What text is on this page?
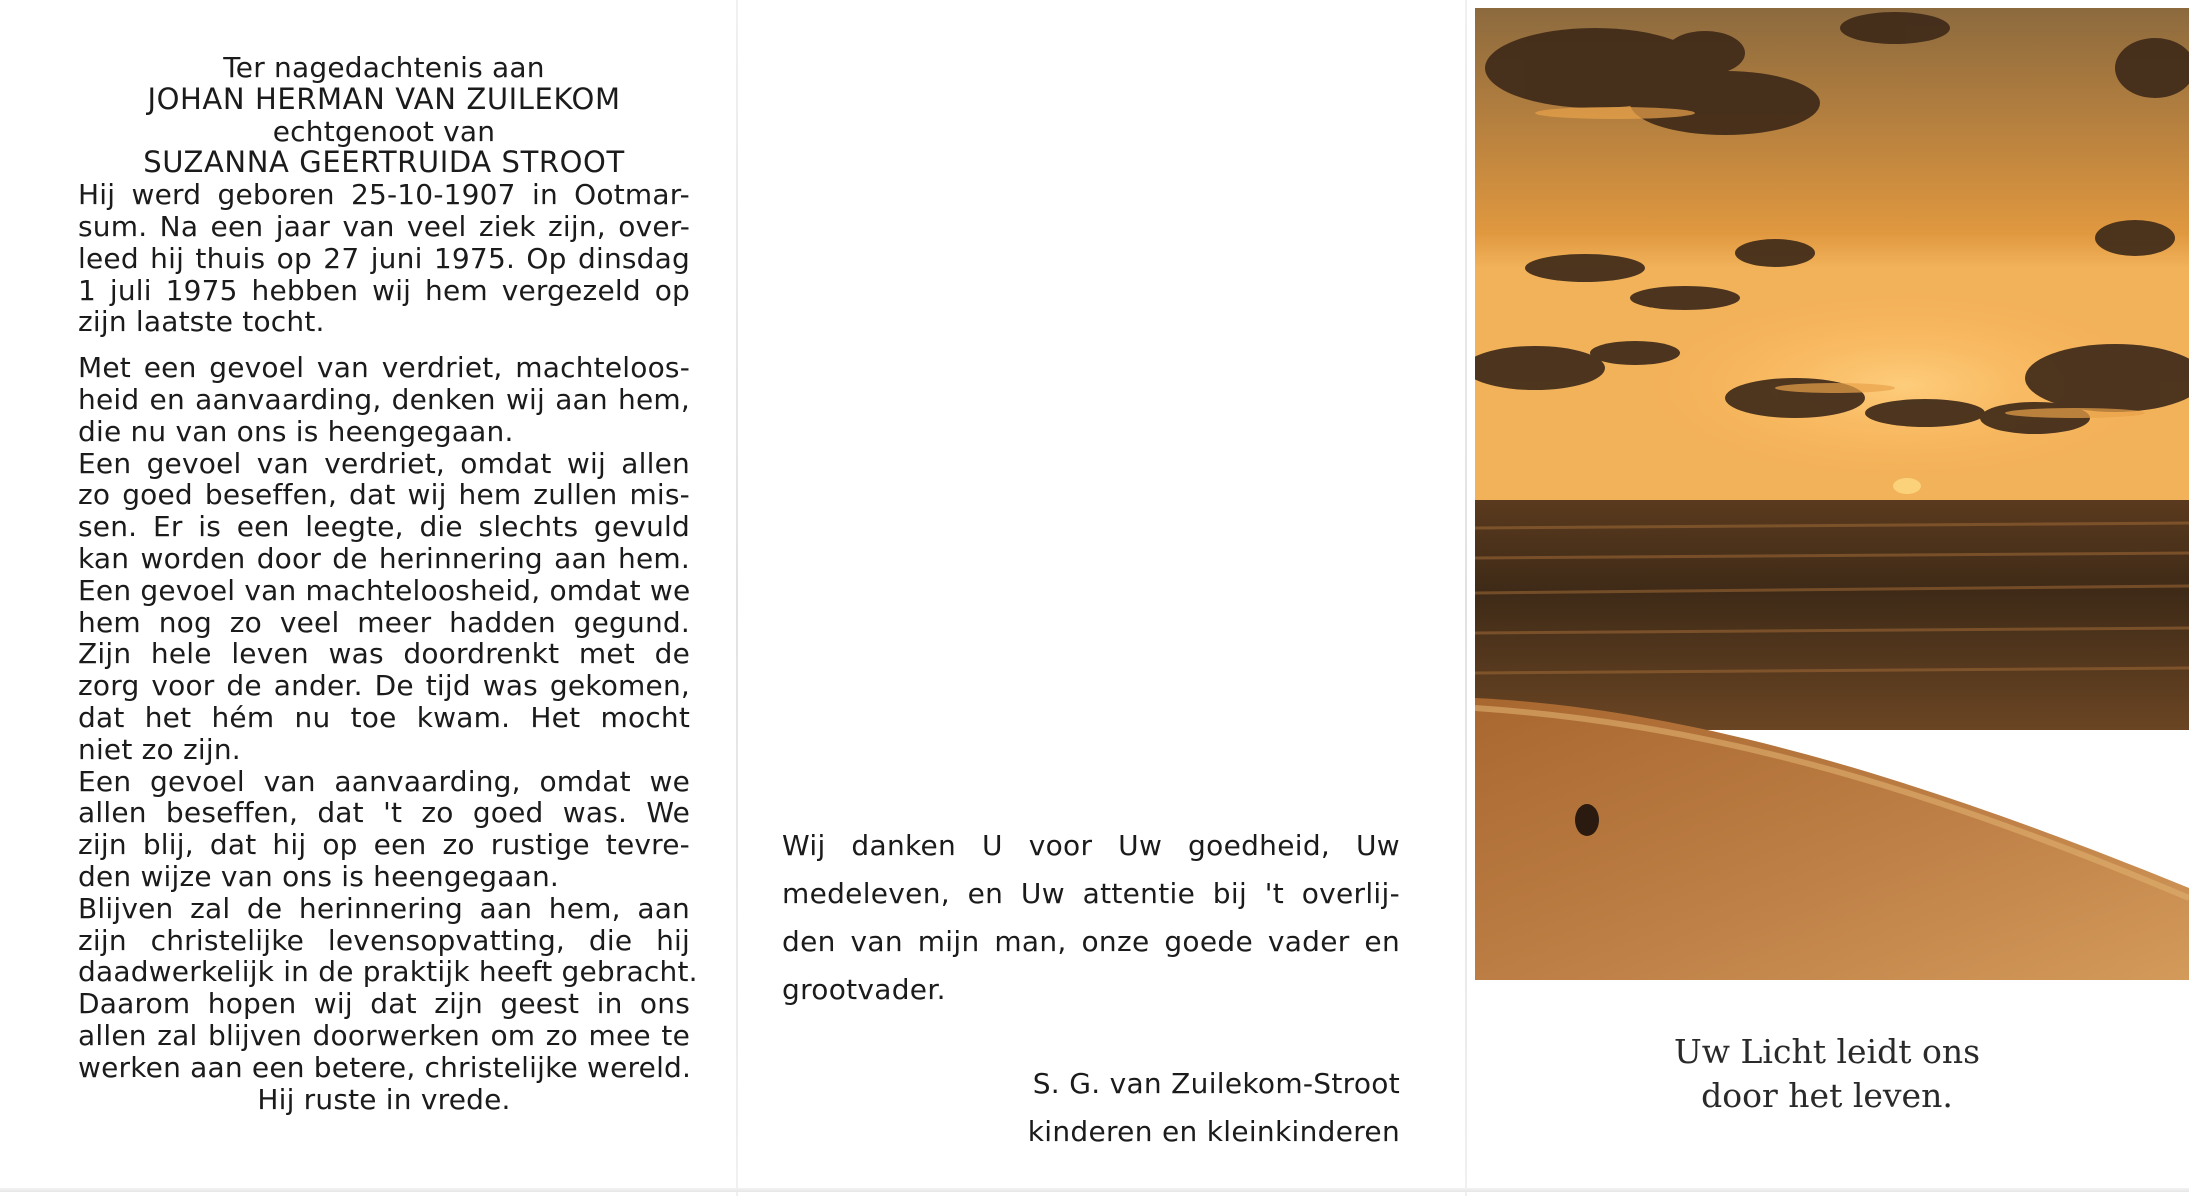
Ter nagedachtenis aan
JOHAN HERMAN VAN ZUILEKOM
echtgenoot van
SUZANNA GEERTRUIDA STROOT
Hij werd geboren 25-10-1907 in Ootmar-
sum. Na een jaar van veel ziek zijn, over-
leed hij thuis op 27 juni 1975. Op dinsdag
1 juli 1975 hebben wij hem vergezeld op
zijn laatste tocht.
Met een gevoel van verdriet, machteloos-
heid en aanvaarding, denken wij aan hem,
die nu van ons is heengegaan.
Een gevoel van verdriet, omdat wij allen
zo goed beseffen, dat wij hem zullen mis-
sen. Er is een leegte, die slechts gevuld
kan worden door de herinnering aan hem.
Een gevoel van machteloosheid, omdat we
hem nog zo veel meer hadden gegund.
Zijn hele leven was doordrenkt met de
zorg voor de ander. De tijd was gekomen,
dat het hém nu toe kwam. Het mocht
niet zo zijn.
Een gevoel van aanvaarding, omdat we
allen beseffen, dat 't zo goed was. We
zijn blij, dat hij op een zo rustige tevre-
den wijze van ons is heengegaan.
Blijven zal de herinnering aan hem, aan
zijn christelijke levensopvatting, die hij
daadwerkelijk in de praktijk heeft gebracht.
Daarom hopen wij dat zijn geest in ons
allen zal blijven doorwerken om zo mee te
werken aan een betere, christelijke wereld.
Hij ruste in vrede.
Wij danken U voor Uw goedheid, Uw
medeleven, en Uw attentie bij 't overlij-
den van mijn man, onze goede vader en
grootvader.
S. G. van Zuilekom-Stroot
kinderen en kleinkinderen
Uw Licht leidt ons
door het leven.
